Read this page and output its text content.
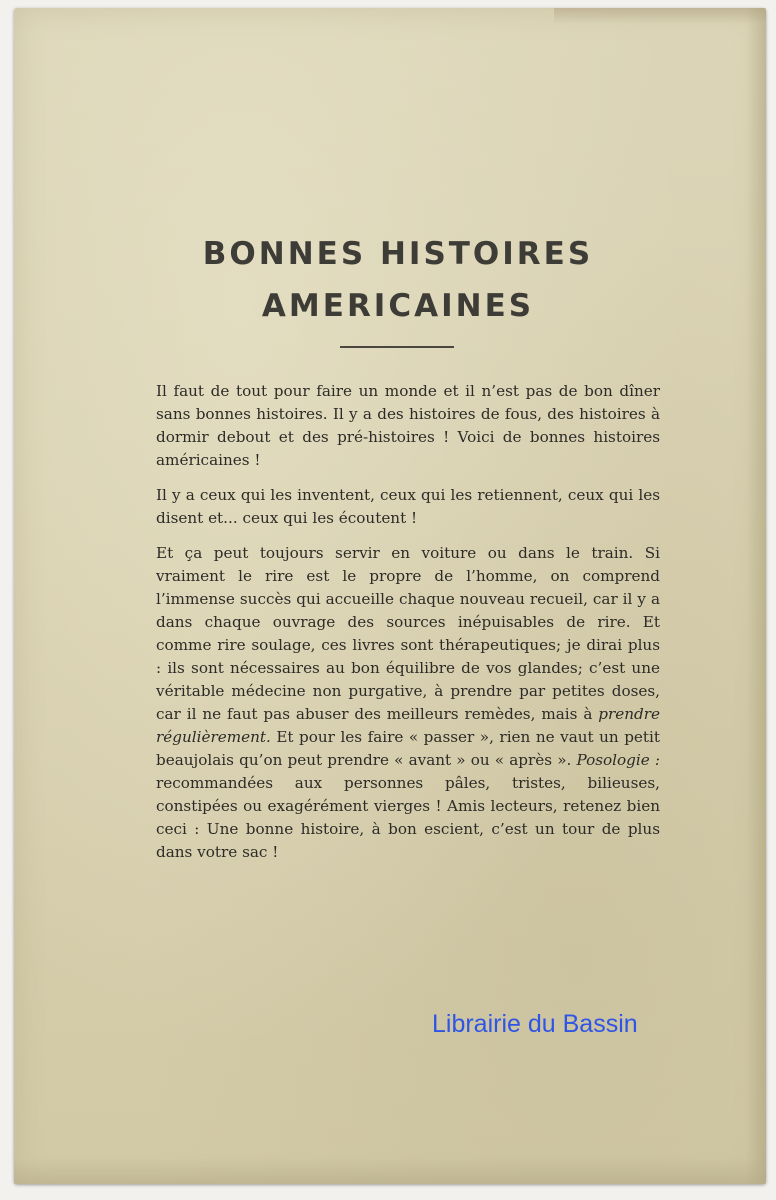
BONNES HISTOIRES
AMERICAINES

Il faut de tout pour faire un monde et il n’est pas de bon dîner sans bonnes histoires. Il y a des histoires de fous, des histoires à dormir debout et des pré-histoires ! Voici de bonnes histoires américaines !

Il y a ceux qui les inventent, ceux qui les retiennent, ceux qui les disent et... ceux qui les écoutent !

Et ça peut toujours servir en voiture ou dans le train. Si vraiment le rire est le propre de l’homme, on comprend l’immense succès qui accueille chaque nouveau recueil, car il y a dans chaque ouvrage des sources inépuisables de rire. Et comme rire soulage, ces livres sont thérapeutiques; je dirai plus : ils sont nécessaires au bon équilibre de vos glandes; c’est une véritable médecine non purgative, à prendre par petites doses, car il ne faut pas abuser des meilleurs remèdes, mais à prendre régulièrement. Et pour les faire « passer », rien ne vaut un petit beaujolais qu’on peut prendre « avant » ou « après ». Posologie : recommandées aux personnes pâles, tristes, bilieuses, constipées ou exagérément vierges ! Amis lecteurs, retenez bien ceci : Une bonne histoire, à bon escient, c’est un tour de plus dans votre sac !

Librairie du Bassin
